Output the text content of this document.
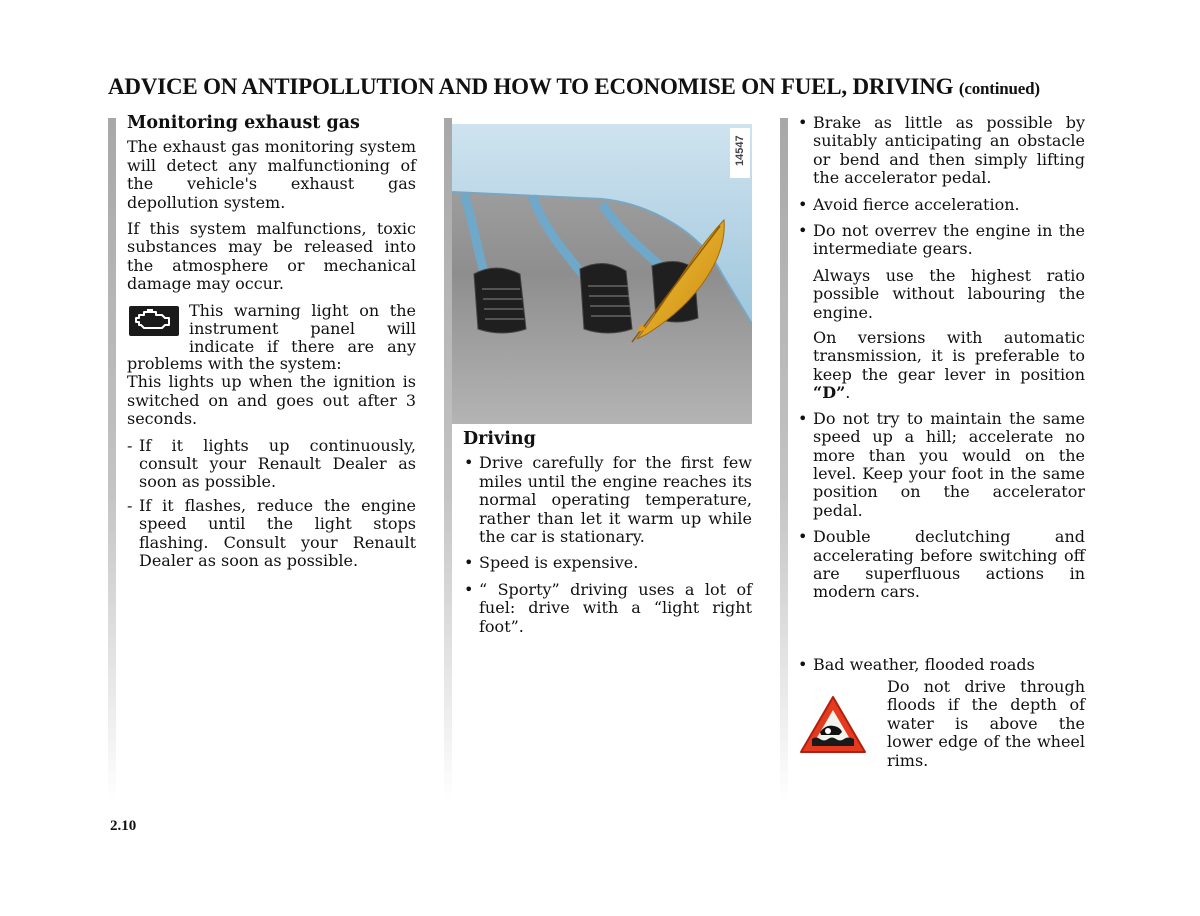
ADVICE ON ANTIPOLLUTION AND HOW TO ECONOMISE ON FUEL, DRIVING (continued)
Monitoring exhaust gas

The exhaust gas monitoring system will detect any malfunctioning of the vehicle's exhaust gas depollution system.

If this system malfunctions, toxic substances may be released into the atmosphere or mechanical damage may occur.

This warning light on the instrument panel will indicate if there are any
problems with the system:

This lights up when the ignition is switched on and goes out after 3 seconds.

- If it lights up continuously, consult your Renault Dealer as soon as possible.
- If it flashes, reduce the engine speed until the light stops flashing. Consult your Renault Dealer as soon as possible.
14547
Driving
• Drive carefully for the first few miles until the engine reaches its normal operating temperature, rather than let it warm up while the car is stationary.
• Speed is expensive.
• “ Sporty” driving uses a lot of fuel: drive with a “light right foot”.
• Brake as little as possible by suitably anticipating an obstacle or bend and then simply lifting the accelerator pedal.
• Avoid fierce acceleration.
• Do not overrev the engine in the intermediate gears.
Always use the highest ratio possible without labouring the engine.
On versions with automatic transmission, it is preferable to keep the gear lever in position “D”.
• Do not try to maintain the same speed up a hill; accelerate no more than you would on the level. Keep your foot in the same position on the accelerator pedal.
• Double declutching and accelerating before switching off are superfluous actions in modern cars.
• Bad weather, flooded roads
Do not drive through floods if the depth of water is above the lower edge of the wheel rims.
2.10
